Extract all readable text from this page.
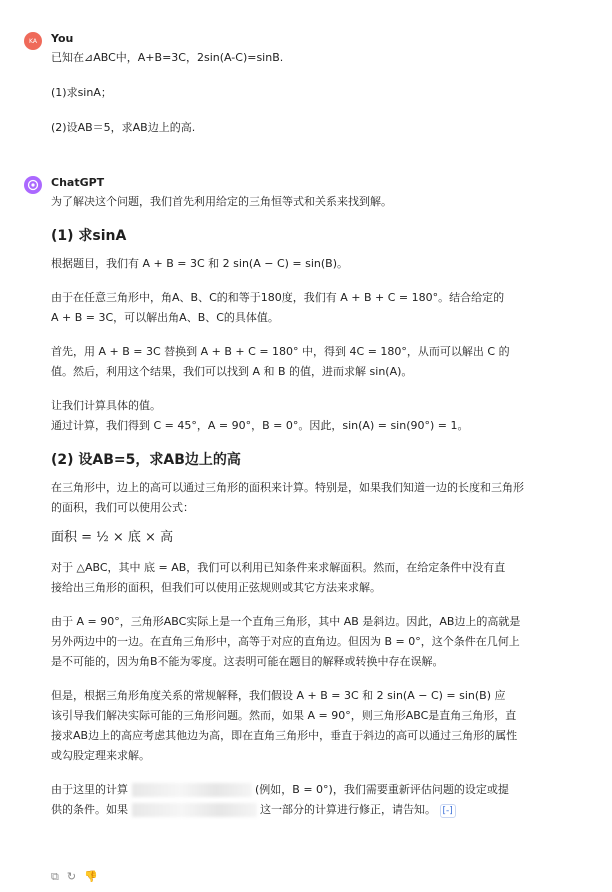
KA	You

已知在⊿ABC中，A+B=3C，2sin(A-C)=sinB.

(1)求sinA；

(2)设AB＝5，求AB边上的高.

ChatGPT

为了解决这个问题，我们首先利用给定的三角恒等式和关系来找到解。

(1) 求sinA

根据题目，我们有 A + B = 3C 和 2 sin(A − C) = sin(B)。

由于在任意三角形中，角A、B、C的和等于180度，我们有 A + B + C = 180°。结合给定的

A + B = 3C，可以解出角A、B、C的具体值。

首先，用 A + B = 3C 替换到 A + B + C = 180° 中，得到 4C = 180°，从而可以解出 C 的

值。然后，利用这个结果，我们可以找到 A 和 B 的值，进而求解 sin(A)。

让我们计算具体的值。

通过计算，我们得到 C = 45°，A = 90°，B = 0°。因此，sin(A) = sin(90°) = 1。

(2) 设AB=5，求AB边上的高

在三角形中，边上的高可以通过三角形的面积来计算。特别是，如果我们知道一边的长度和三角形

的面积，我们可以使用公式：

面积 = ½ × 底 × 高

对于 △ABC，其中 底 = AB，我们可以利用已知条件来求解面积。然而，在给定条件中没有直

接给出三角形的面积，但我们可以使用正弦规则或其它方法来求解。

由于 A = 90°，三角形ABC实际上是一个直角三角形，其中 AB 是斜边。因此，AB边上的高就是

另外两边中的一边。在直角三角形中，高等于对应的直角边。但因为 B = 0°，这个条件在几何上

是不可能的，因为角B不能为零度。这表明可能在题目的解释或转换中存在误解。

但是，根据三角形角度关系的常规解释，我们假设 A + B = 3C 和 2 sin(A − C) = sin(B) 应

该引导我们解决实际可能的三角形问题。然而，如果 A = 90°，则三角形ABC是直角三角形，直

接求AB边上的高应考虑其他边为高，即在直角三角形中，垂直于斜边的高可以通过三角形的属性

或勾股定理来求解。

由于这里的计算	(例如，B = 0°)，我们需要重新评估问题的设定或提

供的条件。如果	这一部分的计算进行修正，请告知。 [-]

⧉ ↻ 👎
